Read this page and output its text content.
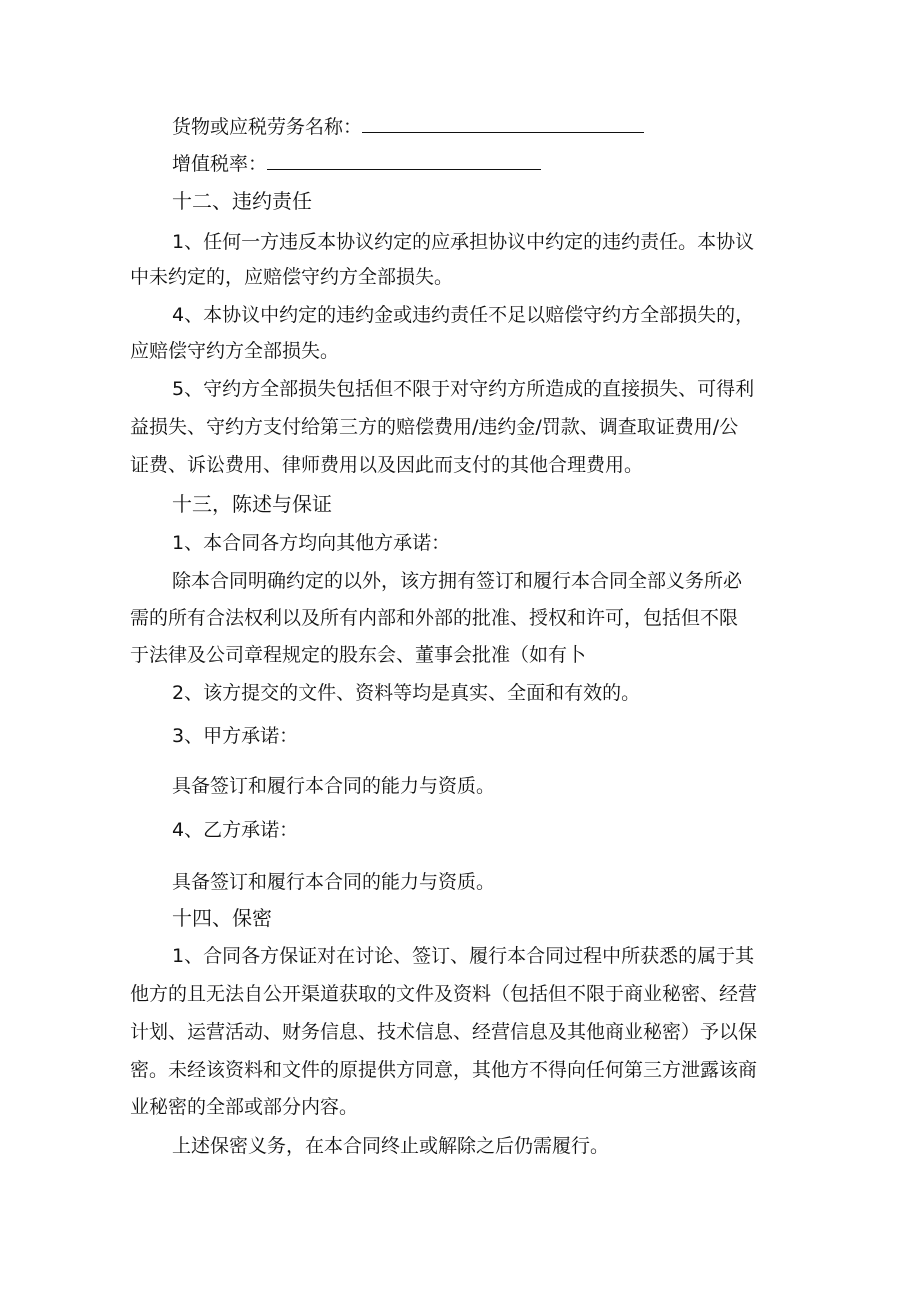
货物或应税劳务名称：
增值税率：
十二、违约责任
1、任何一方违反本协议约定的应承担协议中约定的违约责任。本协议
中未约定的，应赔偿守约方全部损失。
4、本协议中约定的违约金或违约责任不足以赔偿守约方全部损失的，
应赔偿守约方全部损失。
5、守约方全部损失包括但不限于对守约方所造成的直接损失、可得利
益损失、守约方支付给第三方的赔偿费用/违约金/罚款、调查取证费用/公
证费、诉讼费用、律师费用以及因此而支付的其他合理费用。
十三，陈述与保证
1、本合同各方均向其他方承诺：
除本合同明确约定的以外，该方拥有签订和履行本合同全部义务所必
需的所有合法权利以及所有内部和外部的批准、授权和许可，包括但不限
于法律及公司章程规定的股东会、董事会批准（如有卜
2、该方提交的文件、资料等均是真实、全面和有效的。
3、甲方承诺：
具备签订和履行本合同的能力与资质。
4、乙方承诺：
具备签订和履行本合同的能力与资质。
十四、保密
1、合同各方保证对在讨论、签订、履行本合同过程中所获悉的属于其
他方的且无法自公开渠道获取的文件及资料（包括但不限于商业秘密、经营
计划、运营活动、财务信息、技术信息、经营信息及其他商业秘密）予以保
密。未经该资料和文件的原提供方同意，其他方不得向任何第三方泄露该商
业秘密的全部或部分内容。
上述保密义务，在本合同终止或解除之后仍需履行。
